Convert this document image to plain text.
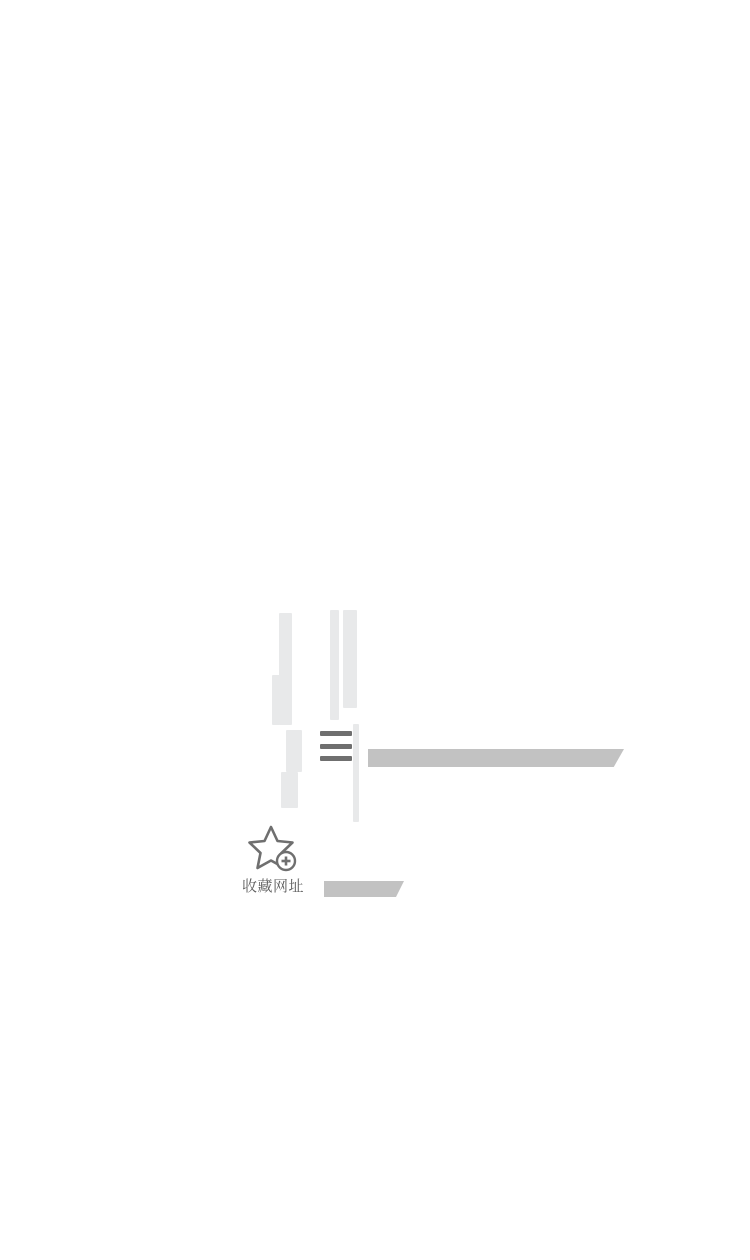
收藏网址
